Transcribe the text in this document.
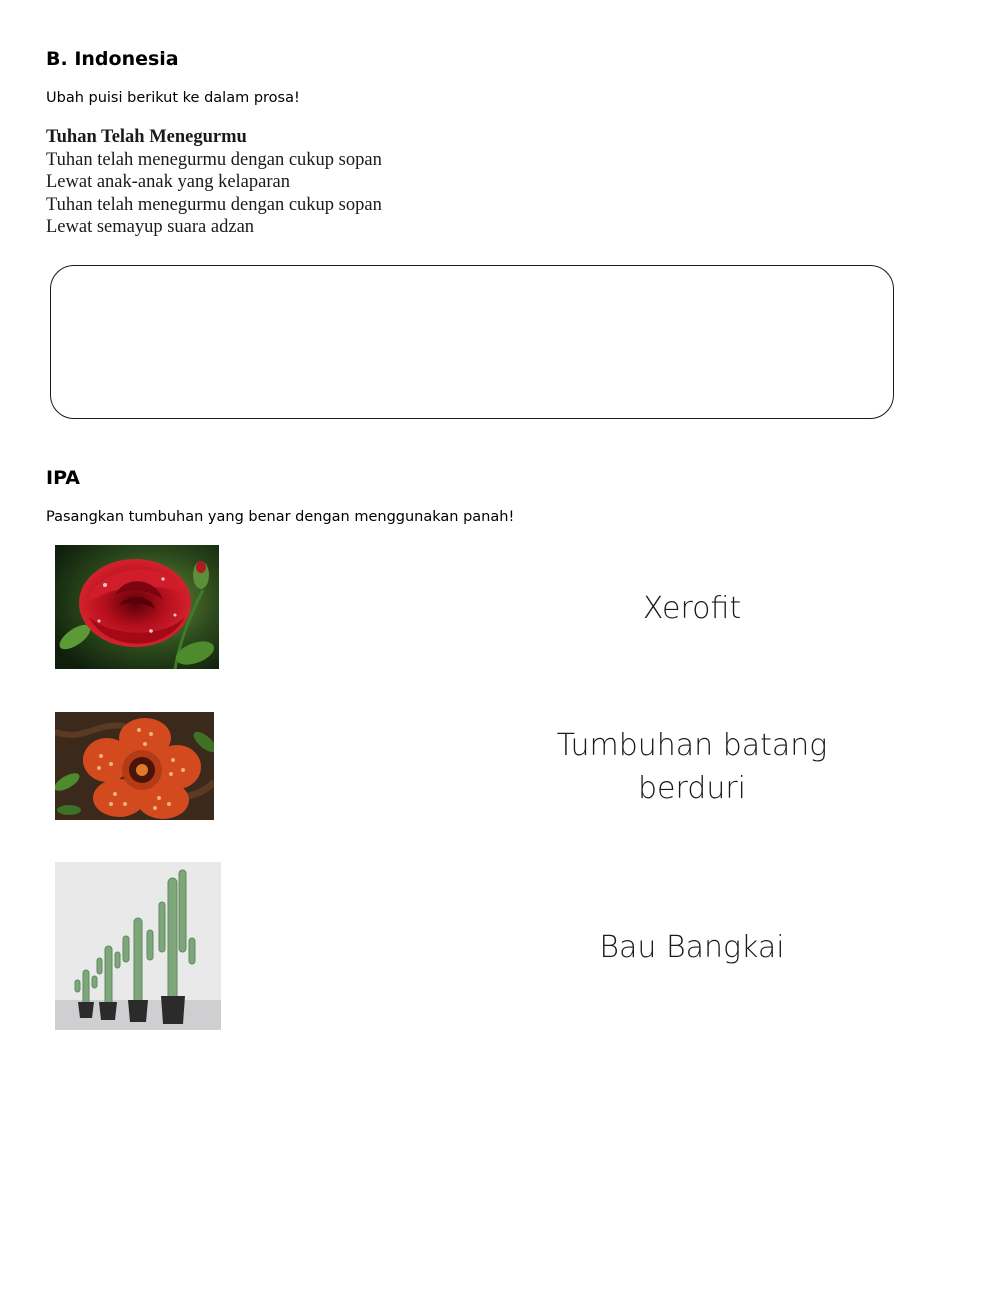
B. Indonesia
Ubah puisi berikut ke dalam prosa!
Tuhan Telah Menegurmu
Tuhan telah menegurmu dengan cukup sopan
Lewat anak-anak yang kelaparan
Tuhan telah menegurmu dengan cukup sopan
Lewat semayup suara adzan
IPA
Pasangkan tumbuhan yang benar dengan menggunakan panah!
Xerofit
Tumbuhan batang
berduri
Bau Bangkai
